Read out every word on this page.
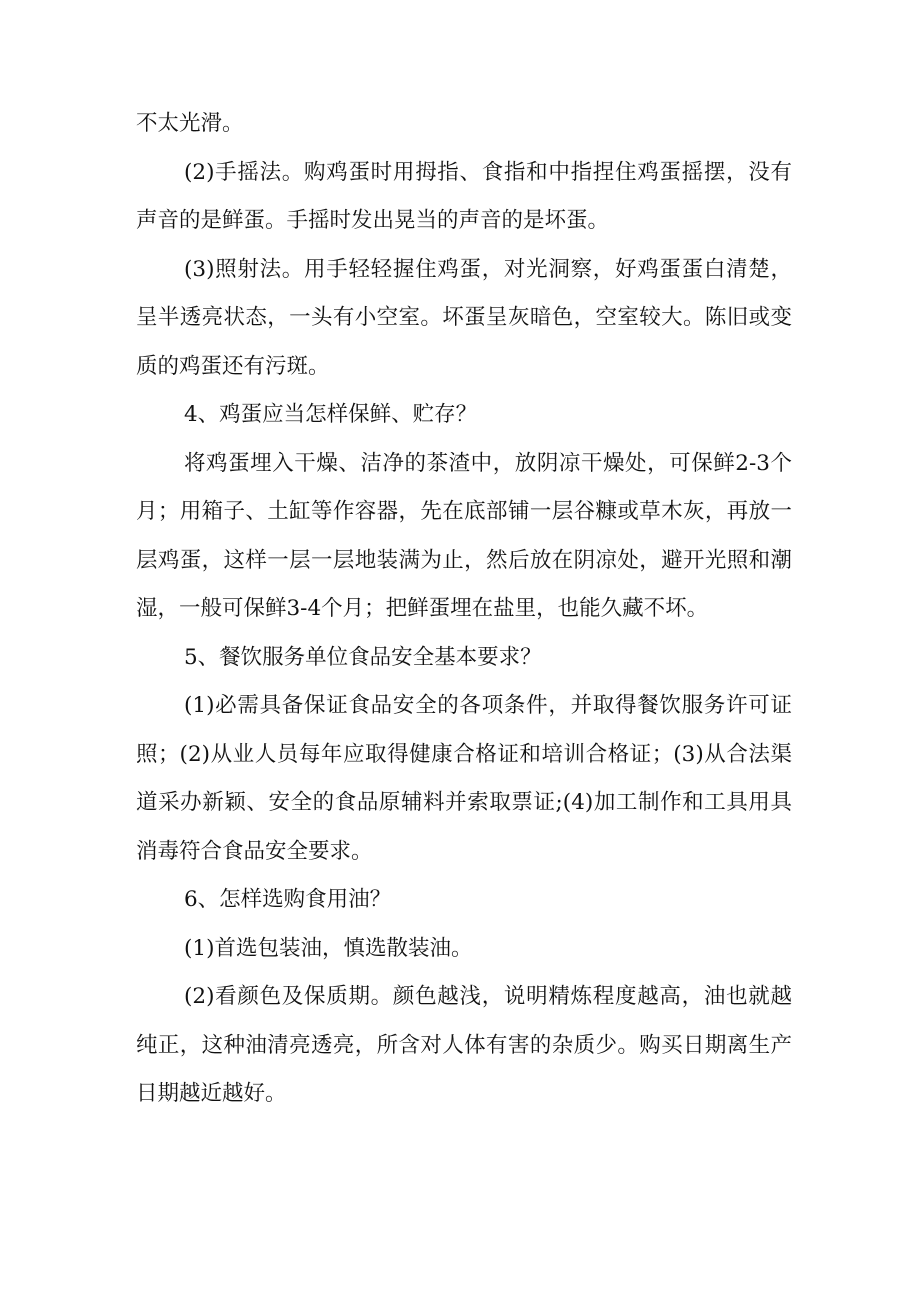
不太光滑。

(2)手摇法。购鸡蛋时用拇指、食指和中指捏住鸡蛋摇摆，没有声音的是鲜蛋。手摇时发出晃当的声音的是坏蛋。

(3)照射法。用手轻轻握住鸡蛋，对光洞察，好鸡蛋蛋白清楚，呈半透亮状态，一头有小空室。坏蛋呈灰暗色，空室较大。陈旧或变质的鸡蛋还有污斑。

4、鸡蛋应当怎样保鲜、贮存？

将鸡蛋埋入干燥、洁净的茶渣中，放阴凉干燥处，可保鲜2-3个月；用箱子、土缸等作容器，先在底部铺一层谷糠或草木灰，再放一层鸡蛋，这样一层一层地装满为止，然后放在阴凉处，避开光照和潮湿，一般可保鲜3-4个月；把鲜蛋埋在盐里，也能久藏不坏。

5、餐饮服务单位食品安全基本要求？

(1)必需具备保证食品安全的各项条件，并取得餐饮服务许可证照；(2)从业人员每年应取得健康合格证和培训合格证；(3)从合法渠道采办新颖、安全的食品原辅料并索取票证;(4)加工制作和工具用具消毒符合食品安全要求。

6、怎样选购食用油？

(1)首选包装油，慎选散装油。

(2)看颜色及保质期。颜色越浅，说明精炼程度越高，油也就越纯正，这种油清亮透亮，所含对人体有害的杂质少。购买日期离生产日期越近越好。
